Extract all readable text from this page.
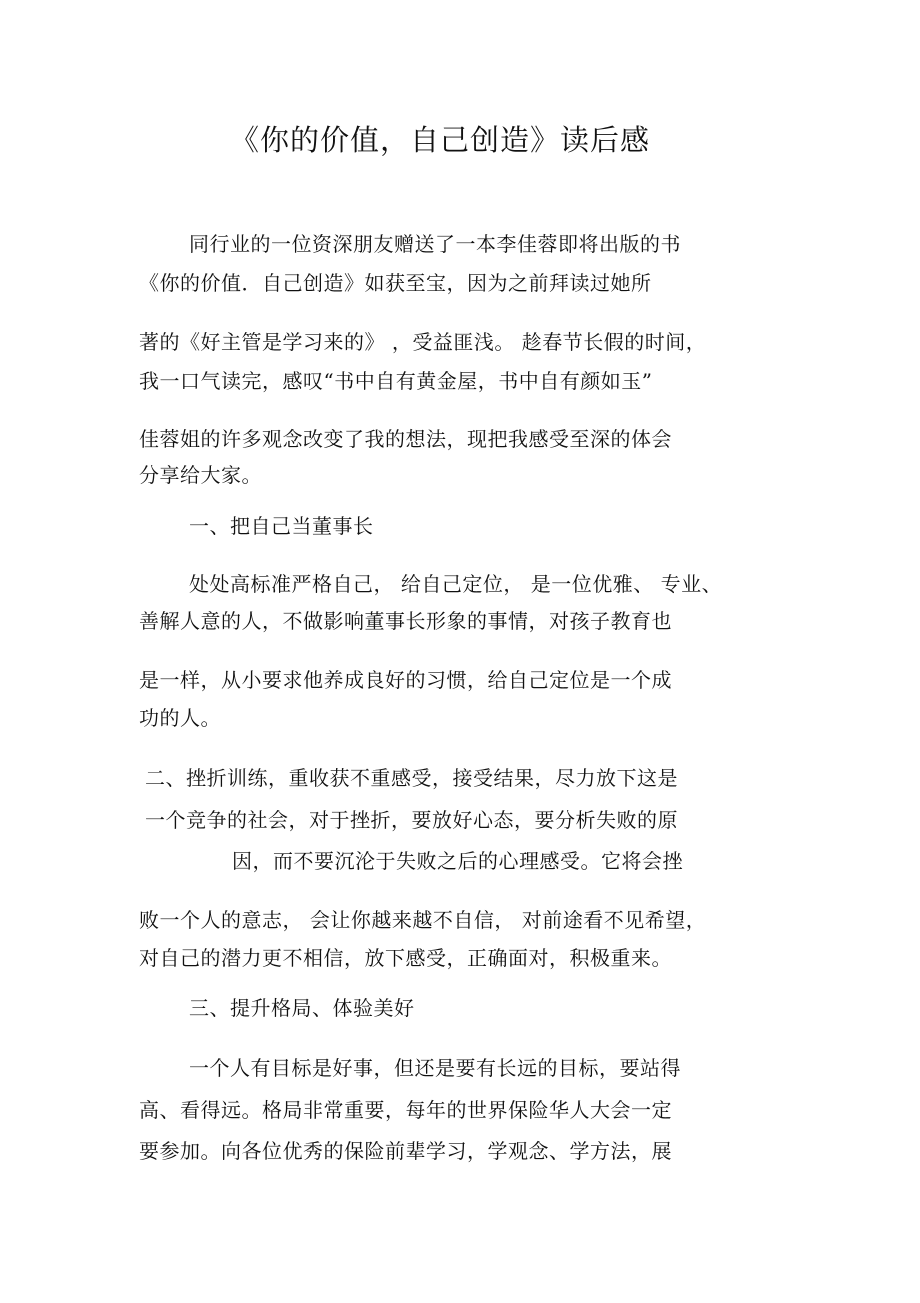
《你的价值，自己创造》读后感
同行业的一位资深朋友赠送了一本李佳蓉即将出版的书
《你的价值．自己创造》如获至宝，因为之前拜读过她所
著的《好主管是学习来的》 ，受益匪浅。 趁春节长假的时间，
我一口气读完，感叹“书中自有黄金屋，书中自有颜如玉”
佳蓉姐的许多观念改变了我的想法，现把我感受至深的体会
分享给大家。
一、把自己当董事长
处处高标准严格自己， 给自己定位， 是一位优雅、 专业、
善解人意的人，不做影响董事长形象的事情，对孩子教育也
是一样，从小要求他养成良好的习惯，给自己定位是一个成
功的人。
二、挫折训练，重收获不重感受，接受结果，尽力放下这是
一个竞争的社会，对于挫折，要放好心态，要分析失败的原
因，而不要沉沦于失败之后的心理感受。它将会挫
败一个人的意志， 会让你越来越不自信， 对前途看不见希望，
对自己的潜力更不相信，放下感受，正确面对，积极重来。
三、提升格局、体验美好
一个人有目标是好事，但还是要有长远的目标，要站得
高、看得远。格局非常重要，每年的世界保险华人大会一定
要参加。向各位优秀的保险前辈学习，学观念、学方法，展
